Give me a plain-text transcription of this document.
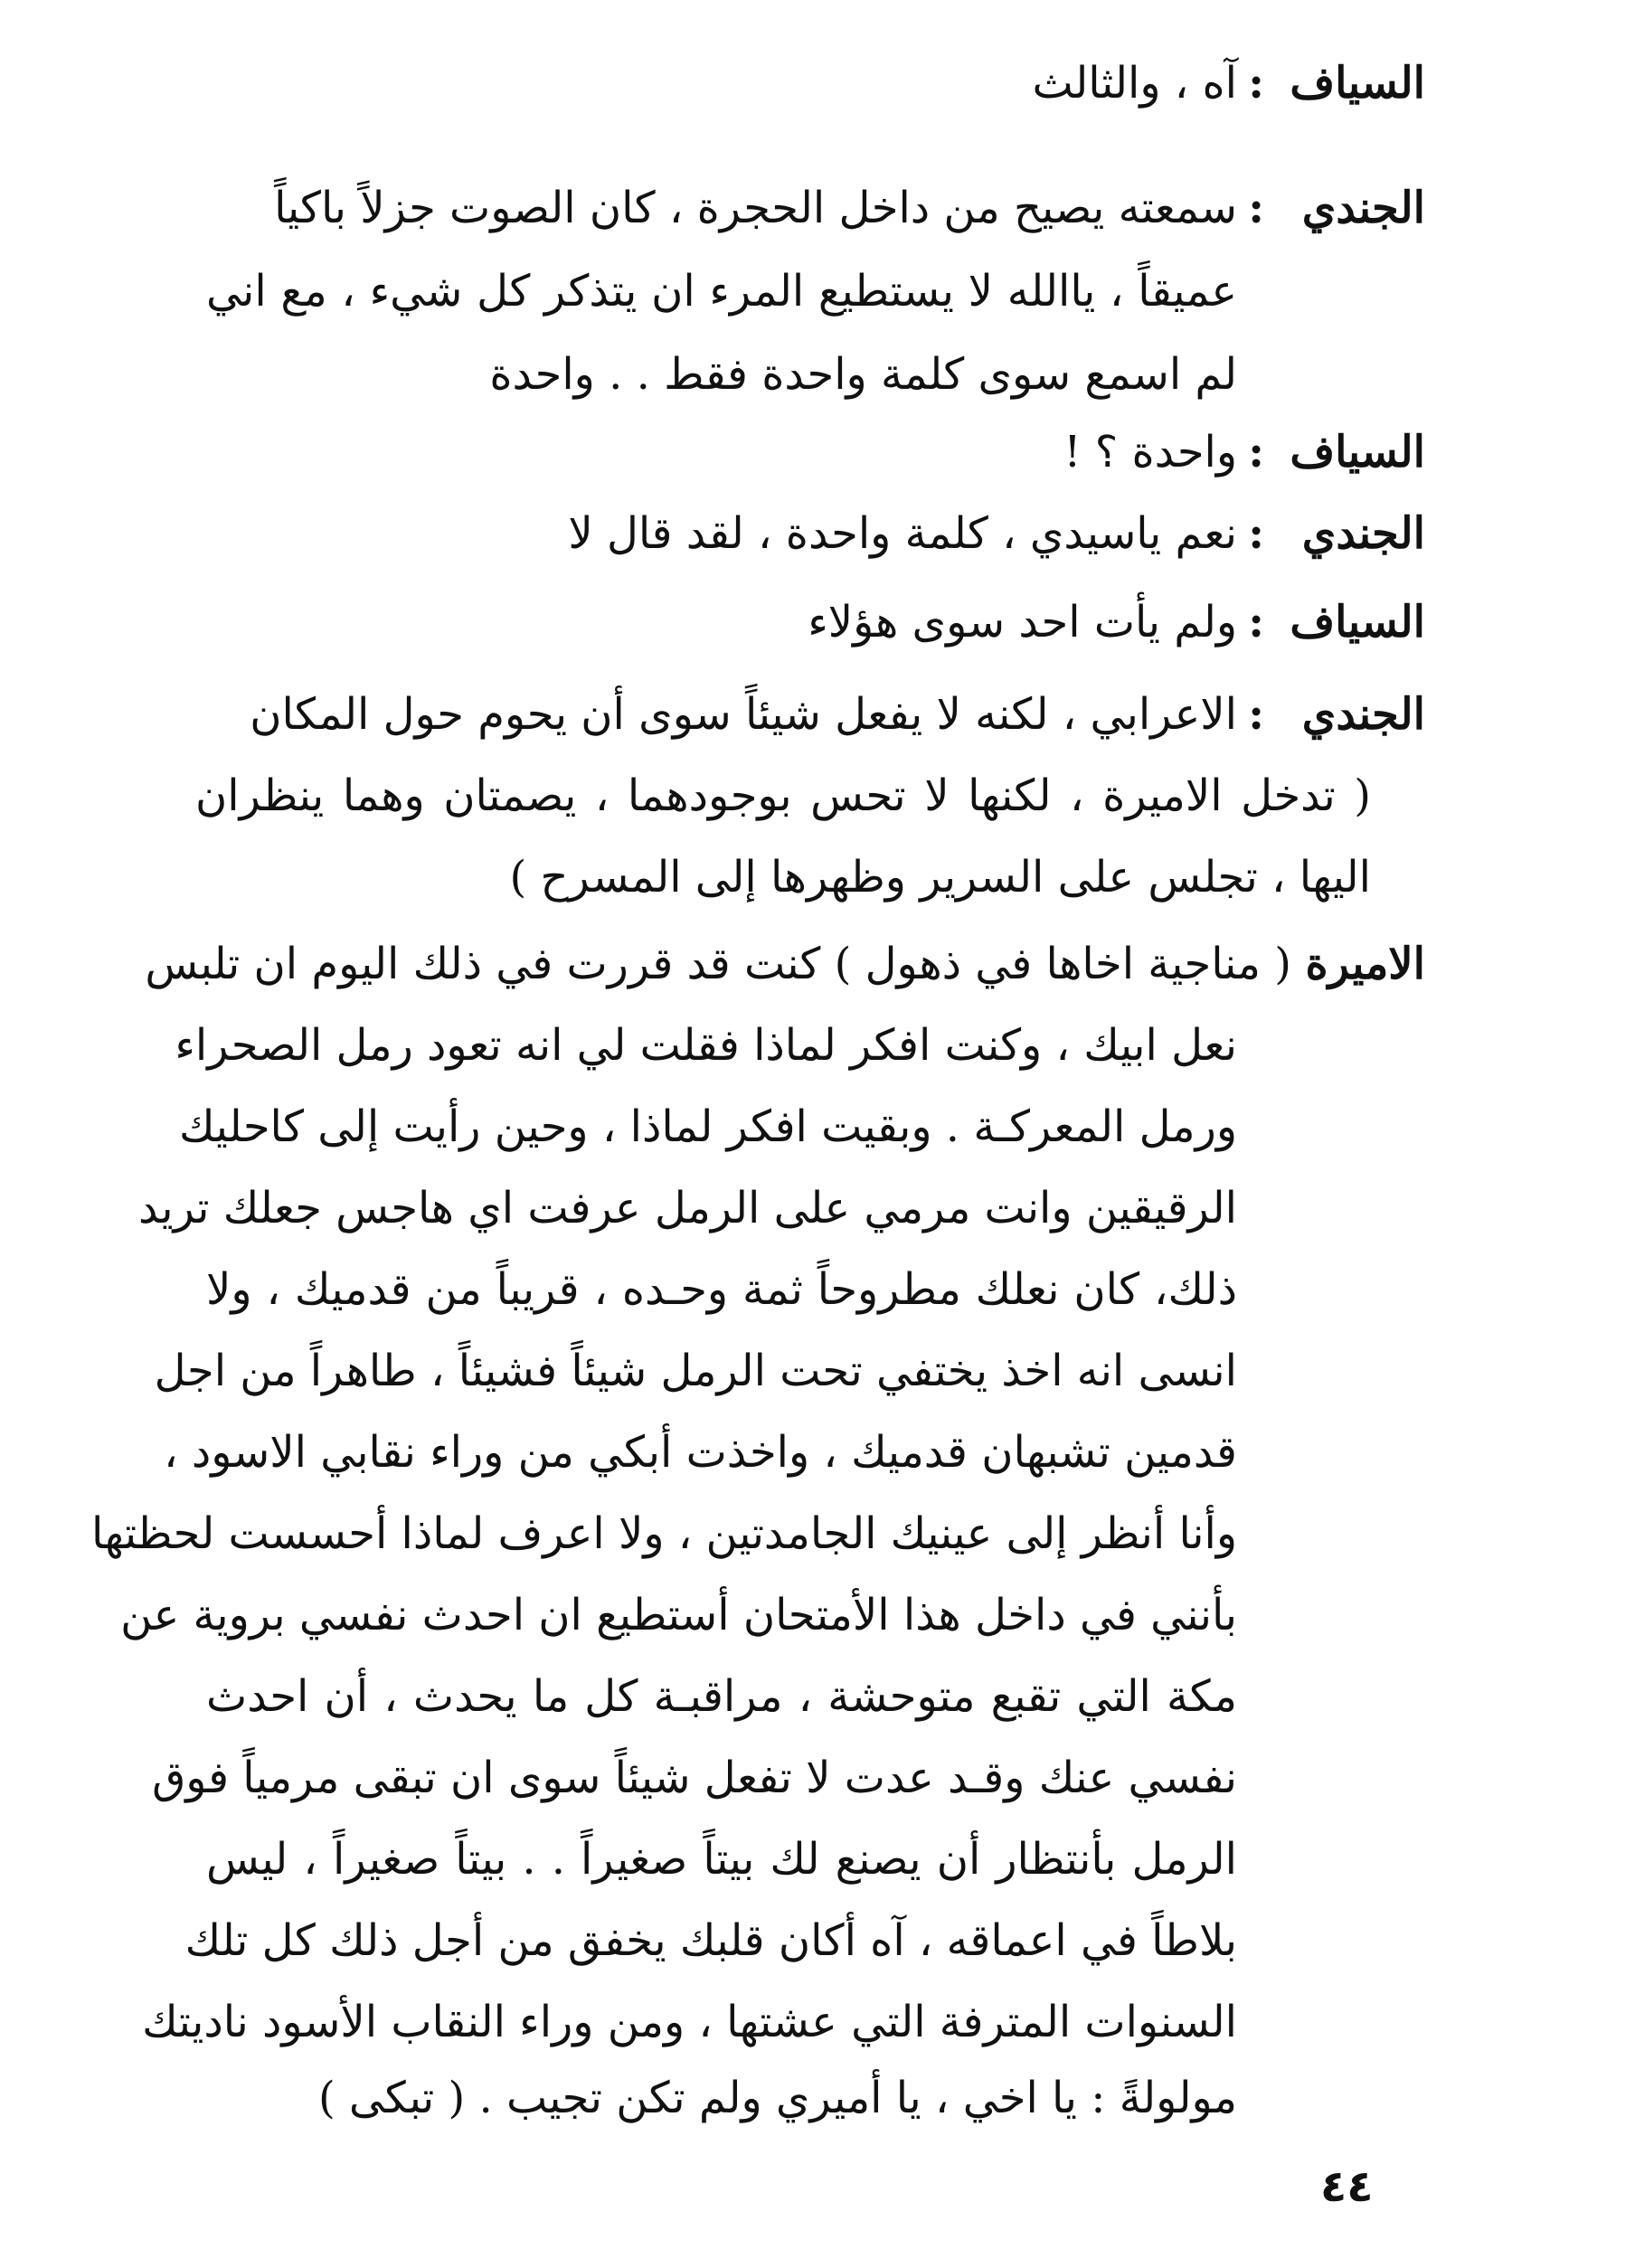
السياف
:
آه ، والثالث
الجندي
:
سمعته يصيح من داخل الحجرة ، كان الصوت جزلاً باكياً
عميقاً ، ياالله لا يستطيع المرء ان يتذكر كل شيء ، مع اني
لم اسمع سوى كلمة واحدة فقط . . واحدة
السياف
:
واحدة ؟ !
الجندي
:
نعم ياسيدي ، كلمة واحدة ، لقد قال لا
السياف
:
ولم يأت احد سوى هؤلاء
الجندي
:
الاعرابي ، لكنه لا يفعل شيئاً سوى أن يحوم حول المكان
( تدخل الاميرة ، لكنها لا تحس بوجودهما ، يصمتان وهما ينظران
اليها ، تجلس على السرير وظهرها إلى المسرح )
الاميرة
( مناجية اخاها في ذهول ) كنت قد قررت في ذلك اليوم ان تلبس
نعل ابيك ، وكنت افكر لماذا فقلت لي انه تعود رمل الصحراء
ورمل المعركـة . وبقيت افكر لماذا ، وحين رأيت إلى كاحليك
الرقيقين وانت مرمي على الرمل عرفت اي هاجس جعلك تريد
ذلك، كان نعلك مطروحاً ثمة وحـده ، قريباً من قدميك ، ولا
انسى انه اخذ يختفي تحت الرمل شيئاً فشيئاً ، طاهراً من اجل
قدمين تشبهان قدميك ، واخذت أبكي من وراء نقابي الاسود ،
وأنا أنظر إلى عينيك الجامدتين ، ولا اعرف لماذا أحسست لحظتها
بأنني في داخل هذا الأمتحان أستطيع ان احدث نفسي بروية عن
مكة التي تقبع متوحشة ، مراقبـة كل ما يحدث ، أن احدث
نفسي عنك وقـد عدت لا تفعل شيئاً سوى ان تبقى مرمياً فوق
الرمل بأنتظار أن يصنع لك بيتاً صغيراً . . بيتاً صغيراً ، ليس
بلاطاً في اعماقه ، آه أكان قلبك يخفق من أجل ذلك كل تلك
السنوات المترفة التي عشتها ، ومن وراء النقاب الأسود ناديتك
مولولةً : يا اخي ، يا أميري ولم تكن تجيب . ( تبكى )
٤٤
